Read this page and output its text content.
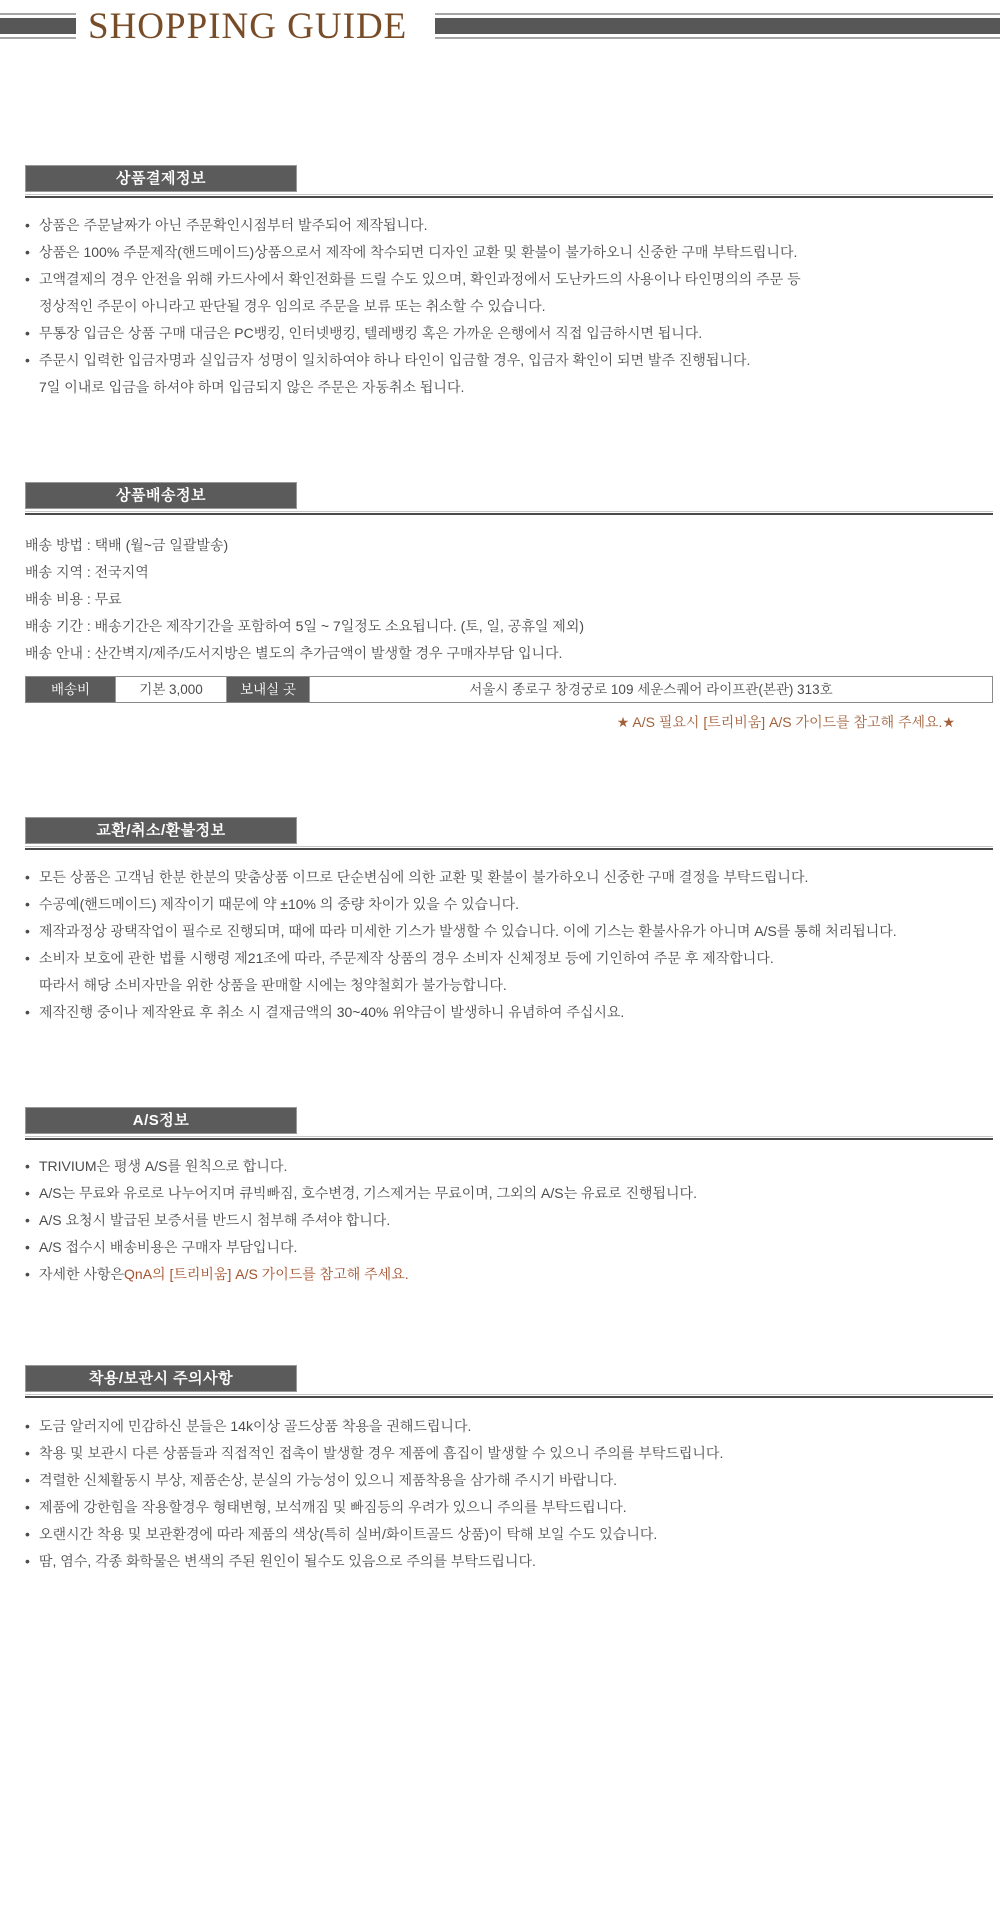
SHOPPING GUIDE
상품결제정보
• 상품은 주문날짜가 아닌 주문확인시점부터 발주되어 제작됩니다.
• 상품은 100% 주문제작(핸드메이드)상품으로서 제작에 착수되면 디자인 교환 및 환불이 불가하오니 신중한 구매 부탁드립니다.
• 고액결제의 경우 안전을 위해 카드사에서 확인전화를 드릴 수도 있으며, 확인과정에서 도난카드의 사용이나 타인명의의 주문 등
정상적인 주문이 아니라고 판단될 경우 임의로 주문을 보류 또는 취소할 수 있습니다.
• 무통장 입금은 상품 구매 대금은 PC뱅킹, 인터넷뱅킹, 텔레뱅킹 혹은 가까운 은행에서 직접 입금하시면 됩니다.
• 주문시 입력한 입금자명과 실입금자 성명이 일치하여야 하나 타인이 입금할 경우, 입금자 확인이 되면 발주 진행됩니다.
7일 이내로 입금을 하셔야 하며 입금되지 않은 주문은 자동취소 됩니다.
상품배송정보
배송 방법 : 택배 (월~금 일괄발송)
배송 지역 : 전국지역
배송 비용 : 무료
배송 기간 : 배송기간은 제작기간을 포함하여 5일 ~ 7일정도 소요됩니다. (토, 일, 공휴일 제외)
배송 안내 : 산간벽지/제주/도서지방은 별도의 추가금액이 발생할 경우 구매자부담 입니다.
배송비	기본 3,000	보내실 곳	서울시 종로구 창경궁로 109 세운스퀘어 라이프관(본관) 313호
★ A/S 필요시 [트리비움] A/S 가이드를 참고해 주세요.★
교환/취소/환불정보
• 모든 상품은 고객님 한분 한분의 맞춤상품 이므로 단순변심에 의한 교환 및 환불이 불가하오니 신중한 구매 결정을 부탁드립니다.
• 수공예(핸드메이드) 제작이기 때문에 약 ±10% 의 중량 차이가 있을 수 있습니다.
• 제작과정상 광택작업이 필수로 진행되며, 때에 따라 미세한 기스가 발생할 수 있습니다. 이에 기스는 환불사유가 아니며 A/S를 통해 처리됩니다.
• 소비자 보호에 관한 법률 시행령 제21조에 따라, 주문제작 상품의 경우 소비자 신체정보 등에 기인하여 주문 후 제작합니다.
따라서 해당 소비자만을 위한 상품을 판매할 시에는 청약철회가 불가능합니다.
• 제작진행 중이나 제작완료 후 취소 시 결재금액의 30~40% 위약금이 발생하니 유념하여 주십시요.
A/S정보
• TRIVIUM은 평생 A/S를 원칙으로 합니다.
• A/S는 무료와 유로로 나누어지며 큐빅빠짐, 호수변경, 기스제거는 무료이며, 그외의 A/S는 유료로 진행됩니다.
• A/S 요청시 발급된 보증서를 반드시 첨부해 주셔야 합니다.
• A/S 접수시 배송비용은 구매자 부담입니다.
• 자세한 사항은 QnA의 [트리비움] A/S 가이드를 참고해 주세요.
착용/보관시 주의사항
• 도금 알러지에 민감하신 분들은 14k이상 골드상품 착용을 권해드립니다.
• 착용 및 보관시 다른 상품들과 직접적인 접촉이 발생할 경우 제품에 흠집이 발생할 수 있으니 주의를 부탁드립니다.
• 격렬한 신체활동시 부상, 제품손상, 분실의 가능성이 있으니 제품착용을 삼가해 주시기 바랍니다.
• 제품에 강한힘을 작용할경우 형태변형, 보석깨짐 및 빠짐등의 우려가 있으니 주의를 부탁드립니다.
• 오랜시간 착용 및 보관환경에 따라 제품의 색상(특히 실버/화이트골드 상품)이 탁해 보일 수도 있습니다.
• 땀, 염수, 각종 화학물은 변색의 주된 원인이 될수도 있음으로 주의를 부탁드립니다.
